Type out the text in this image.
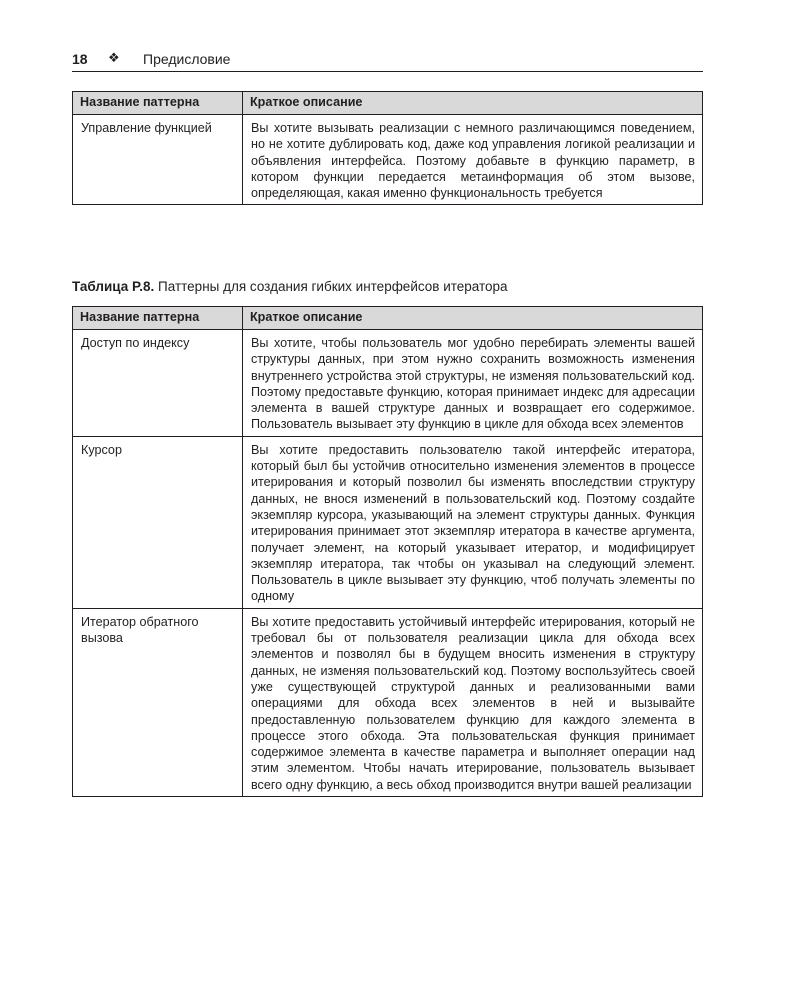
18 ❖ Предисловие
Название паттерна	Краткое описание
Управление функцией	Вы хотите вызывать реализации с немного различающимся поведением, но не хотите дублировать код, даже код управления логикой реализации и объявления интерфейса. Поэтому добавьте в функцию параметр, в котором функции передается метаинформация об этом вызове, определяющая, какая именно функциональность требуется
Таблица P.8. Паттерны для создания гибких интерфейсов итератора
Название паттерна	Краткое описание
Доступ по индексу	Вы хотите, чтобы пользователь мог удобно перебирать элементы вашей структуры данных, при этом нужно сохранить возможность изменения внутреннего устройства этой структуры, не изменяя пользовательский код. Поэтому предоставьте функцию, которая принимает индекс для адресации элемента в вашей структуре данных и возвращает его содержимое. Пользователь вызывает эту функцию в цикле для обхода всех элементов
Курсор	Вы хотите предоставить пользователю такой интерфейс итератора, который был бы устойчив относительно изменения элементов в процессе итерирования и который позволил бы изменять впоследствии структуру данных, не внося изменений в пользовательский код. Поэтому создайте экземпляр курсора, указывающий на элемент структуры данных. Функция итерирования принимает этот экземпляр итератора в качестве аргумента, получает элемент, на который указывает итератор, и модифицирует экземпляр итератора, так чтобы он указывал на следующий элемент. Пользователь в цикле вызывает эту функцию, чтоб получать элементы по одному
Итератор обратного вызова	Вы хотите предоставить устойчивый интерфейс итерирования, который не требовал бы от пользователя реализации цикла для обхода всех элементов и позволял бы в будущем вносить изменения в структуру данных, не изменяя пользовательский код. Поэтому воспользуйтесь своей уже существующей структурой данных и реализованными вами операциями для обхода всех элементов в ней и вызывайте предоставленную пользователем функцию для каждого элемента в процессе этого обхода. Эта пользовательская функция принимает содержимое элемента в качестве параметра и выполняет операции над этим элементом. Чтобы начать итерирование, пользователь вызывает всего одну функцию, а весь обход производится внутри вашей реализации
